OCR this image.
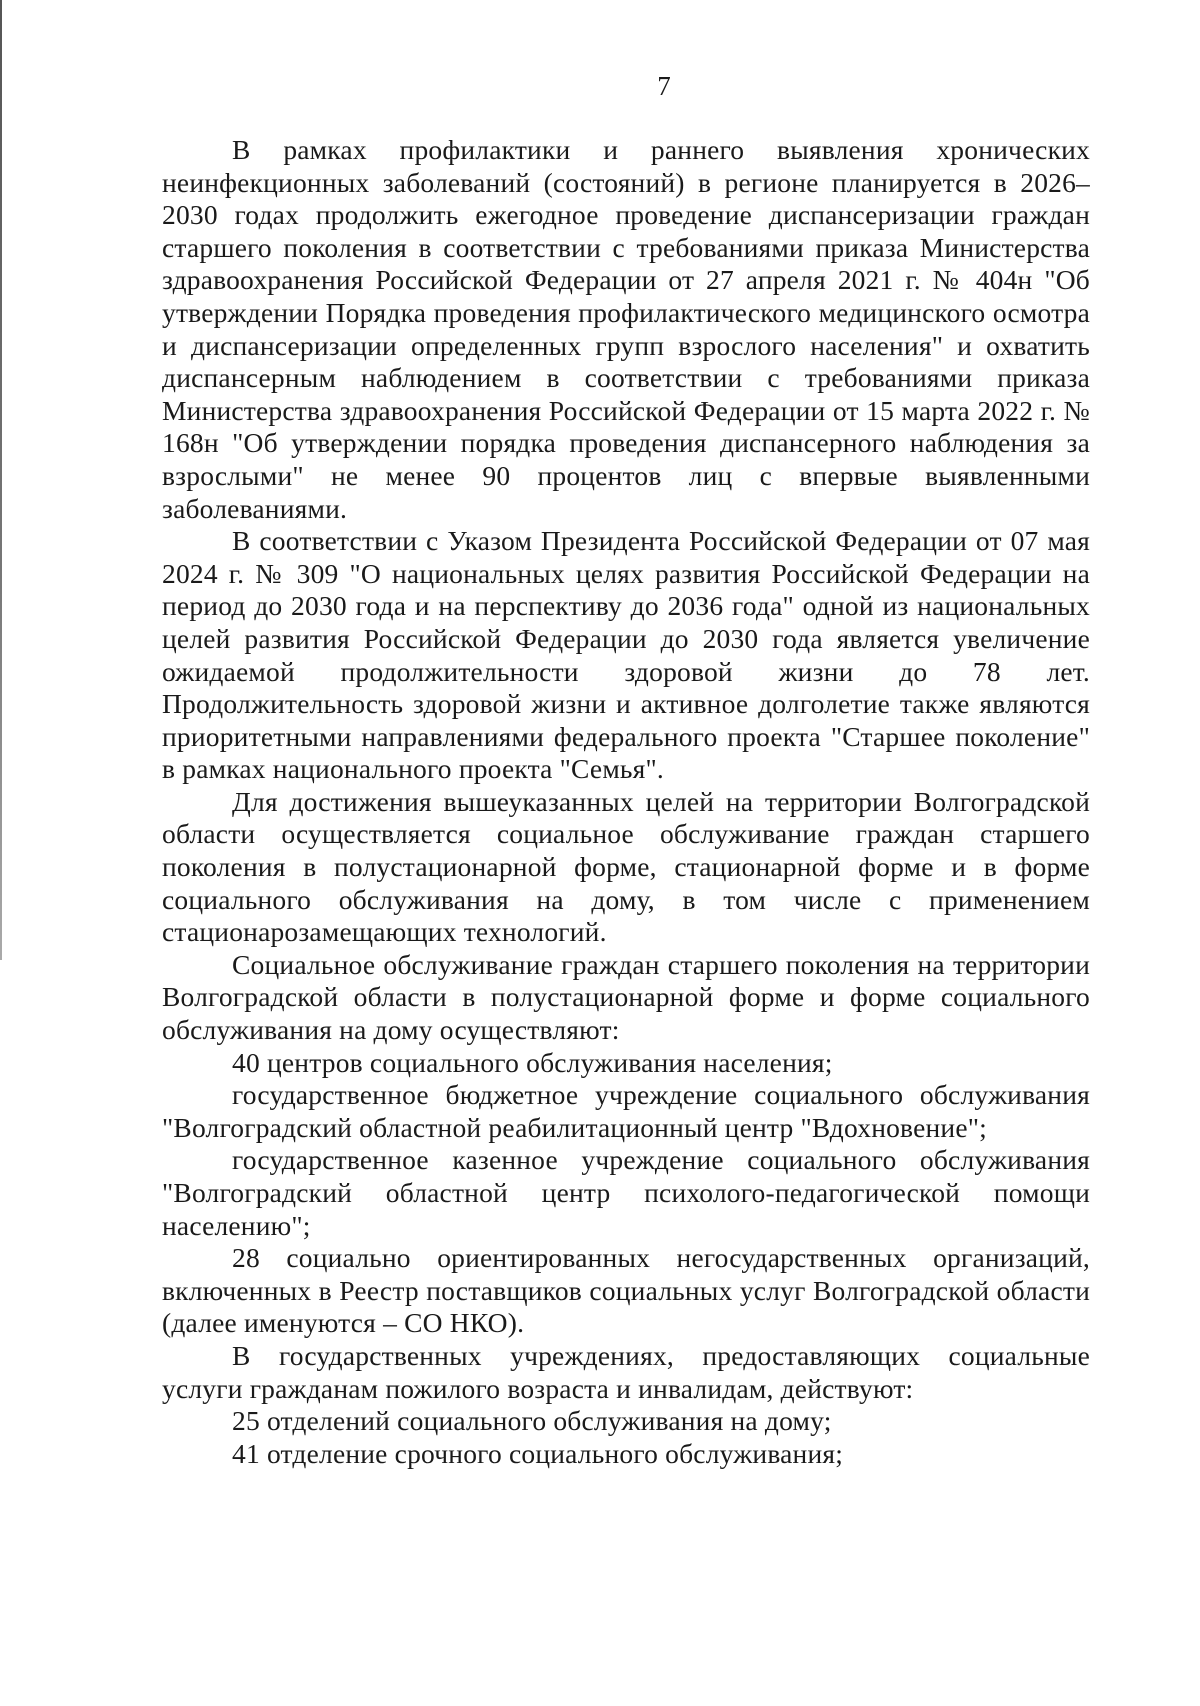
7

В рамках профилактики и раннего выявления хронических неинфекционных заболеваний (состояний) в регионе планируется в 2026–2030 годах продолжить ежегодное проведение диспансеризации граждан старшего поколения в соответствии с требованиями приказа Министерства здравоохранения Российской Федерации от 27 апреля 2021 г. № 404н "Об утверждении Порядка проведения профилактического медицинского осмотра и диспансеризации определенных групп взрослого населения" и охватить диспансерным наблюдением в соответствии с требованиями приказа Министерства здравоохранения Российской Федерации от 15 марта 2022 г. № 168н "Об утверждении порядка проведения диспансерного наблюдения за взрослыми" не менее 90 процентов лиц с впервые выявленными заболеваниями.

В соответствии с Указом Президента Российской Федерации от 07 мая 2024 г. № 309 "О национальных целях развития Российской Федерации на период до 2030 года и на перспективу до 2036 года" одной из национальных целей развития Российской Федерации до 2030 года является увеличение ожидаемой продолжительности здоровой жизни до 78 лет. Продолжительность здоровой жизни и активное долголетие также являются приоритетными направлениями федерального проекта "Старшее поколение" в рамках национального проекта "Семья".

Для достижения вышеуказанных целей на территории Волгоградской области осуществляется социальное обслуживание граждан старшего поколения в полустационарной форме, стационарной форме и в форме социального обслуживания на дому, в том числе с применением стационарозамещающих технологий.

Социальное обслуживание граждан старшего поколения на территории Волгоградской области в полустационарной форме и форме социального обслуживания на дому осуществляют:

40 центров социального обслуживания населения;

государственное бюджетное учреждение социального обслуживания "Волгоградский областной реабилитационный центр "Вдохновение";

государственное казенное учреждение социального обслуживания "Волгоградский областной центр психолого-педагогической помощи населению";

28 социально ориентированных негосударственных организаций, включенных в Реестр поставщиков социальных услуг Волгоградской области (далее именуются – СО НКО).

В государственных учреждениях, предоставляющих социальные услуги гражданам пожилого возраста и инвалидам, действуют:

25 отделений социального обслуживания на дому;

41 отделение срочного социального обслуживания;
